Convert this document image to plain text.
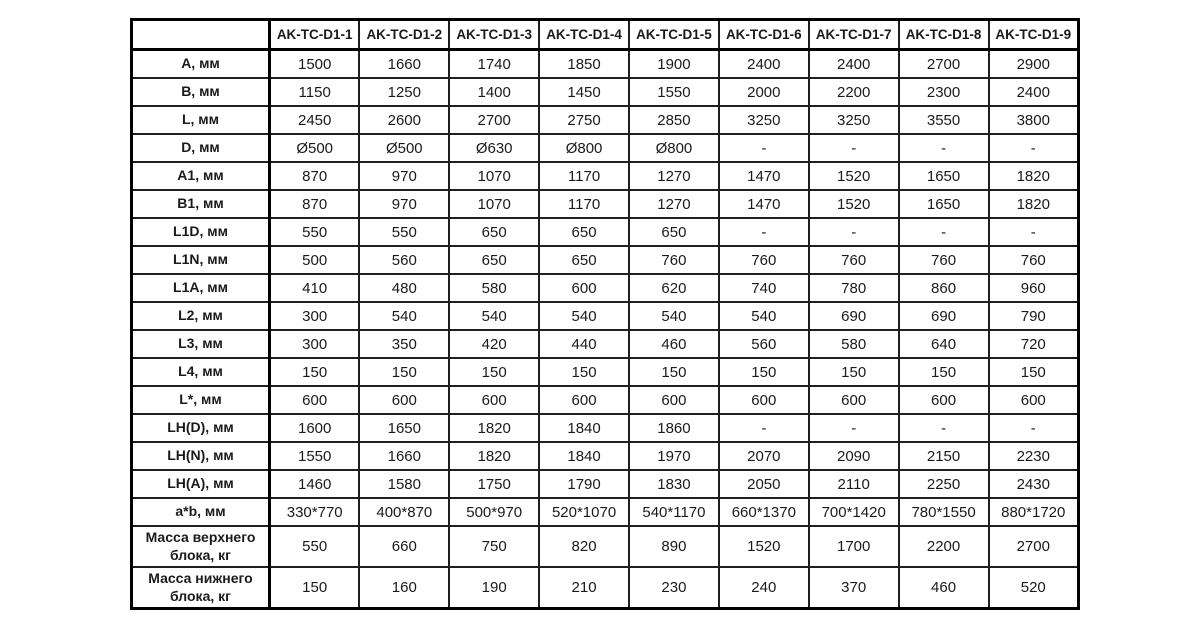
	AK-TC-D1-1	AK-TC-D1-2	AK-TC-D1-3	AK-TC-D1-4	AK-TC-D1-5	AK-TC-D1-6	AK-TC-D1-7	AK-TC-D1-8	AK-TC-D1-9
A, мм	1500	1660	1740	1850	1900	2400	2400	2700	2900
B, мм	1150	1250	1400	1450	1550	2000	2200	2300	2400
L, мм	2450	2600	2700	2750	2850	3250	3250	3550	3800
D, мм	Ø500	Ø500	Ø630	Ø800	Ø800	-	-	-	-
A1, мм	870	970	1070	1170	1270	1470	1520	1650	1820
B1, мм	870	970	1070	1170	1270	1470	1520	1650	1820
L1D, мм	550	550	650	650	650	-	-	-	-
L1N, мм	500	560	650	650	760	760	760	760	760
L1A, мм	410	480	580	600	620	740	780	860	960
L2, мм	300	540	540	540	540	540	690	690	790
L3, мм	300	350	420	440	460	560	580	640	720
L4, мм	150	150	150	150	150	150	150	150	150
L*, мм	600	600	600	600	600	600	600	600	600
LH(D), мм	1600	1650	1820	1840	1860	-	-	-	-
LH(N), мм	1550	1660	1820	1840	1970	2070	2090	2150	2230
LH(A), мм	1460	1580	1750	1790	1830	2050	2110	2250	2430
a*b, мм	330*770	400*870	500*970	520*1070	540*1170	660*1370	700*1420	780*1550	880*1720
Масса верхнего блока, кг	550	660	750	820	890	1520	1700	2200	2700
Масса нижнего блока, кг	150	160	190	210	230	240	370	460	520
